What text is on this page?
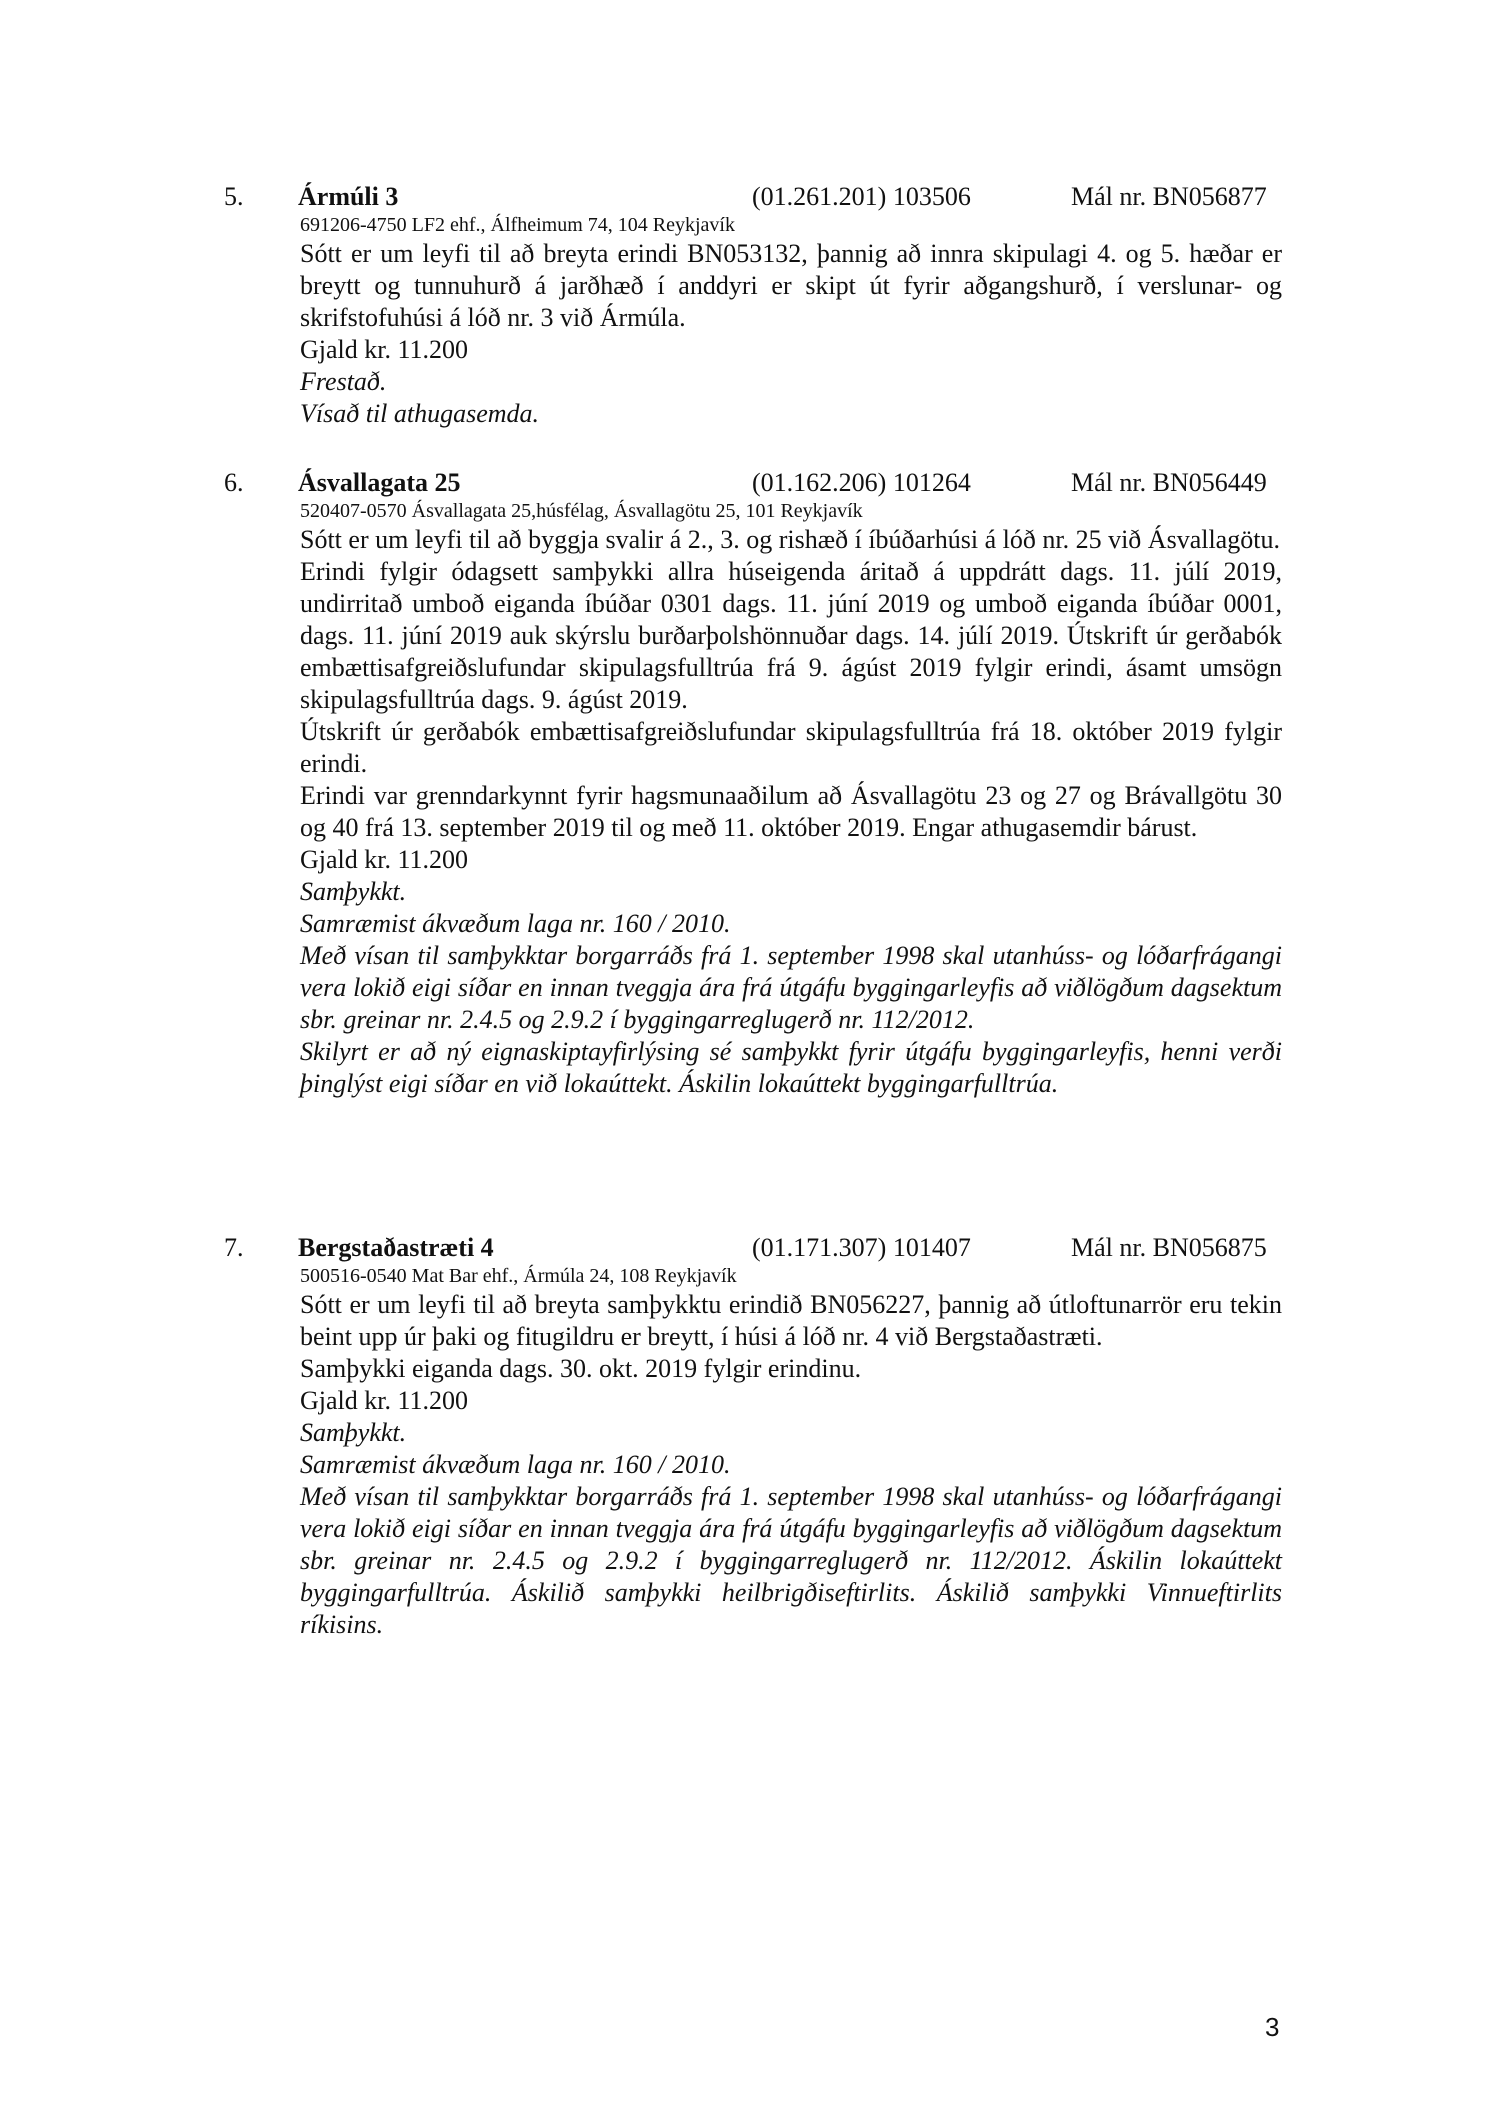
5. Ármúli 3	(01.261.201) 103506	Mál nr. BN056877
691206-4750 LF2 ehf., Álfheimum 74, 104 Reykjavík

Sótt er um leyfi til að breyta erindi BN053132, þannig að innra skipulagi 4. og 5. hæðar er breytt og tunnuhurð á jarðhæð í anddyri er skipt út fyrir aðgangshurð, í verslunar- og skrifstofuhúsi á lóð nr. 3 við Ármúla.

Gjald kr. 11.200

Frestað.

Vísað til athugasemda.

6. Ásvallagata 25	(01.162.206) 101264	Mál nr. BN056449
520407-0570 Ásvallagata 25,húsfélag, Ásvallagötu 25, 101 Reykjavík

Sótt er um leyfi til að byggja svalir á 2., 3. og rishæð í íbúðarhúsi á lóð nr. 25 við Ásvallagötu.

Erindi fylgir ódagsett samþykki allra húseigenda áritað á uppdrátt dags. 11. júlí 2019, undirritað umboð eiganda íbúðar 0301 dags. 11. júní 2019 og umboð eiganda íbúðar 0001, dags. 11. júní 2019 auk skýrslu burðarþolshönnuðar dags. 14. júlí 2019. Útskrift úr gerðabók embættisafgreiðslufundar skipulagsfulltrúa frá 9. ágúst 2019 fylgir erindi, ásamt umsögn skipulagsfulltrúa dags. 9. ágúst 2019.

Útskrift úr gerðabók embættisafgreiðslufundar skipulagsfulltrúa frá 18. október 2019 fylgir erindi.

Erindi var grenndarkynnt fyrir hagsmunaaðilum að Ásvallagötu 23 og 27 og Brávallgötu 30 og 40 frá 13. september 2019 til og með 11. október 2019. Engar athugasemdir bárust.

Gjald kr. 11.200

Samþykkt.

Samræmist ákvæðum laga nr. 160 / 2010.

Með vísan til samþykktar borgarráðs frá 1. september 1998 skal utanhúss- og lóðarfrágangi vera lokið eigi síðar en innan tveggja ára frá útgáfu byggingarleyfis að viðlögðum dagsektum sbr. greinar nr. 2.4.5 og 2.9.2 í byggingarreglugerð nr. 112/2012.

Skilyrt er að ný eignaskiptayfirlýsing sé samþykkt fyrir útgáfu byggingarleyfis, henni verði þinglýst eigi síðar en við lokaúttekt. Áskilin lokaúttekt byggingarfulltrúa.

7. Bergstaðastræti 4	(01.171.307) 101407	Mál nr. BN056875
500516-0540 Mat Bar ehf., Ármúla 24, 108 Reykjavík

Sótt er um leyfi til að breyta samþykktu erindið BN056227, þannig að útloftunarrör eru tekin beint upp úr þaki og fitugildru er breytt, í húsi á lóð nr. 4 við Bergstaðastræti.

Samþykki eiganda dags. 30. okt. 2019 fylgir erindinu.

Gjald kr. 11.200

Samþykkt.

Samræmist ákvæðum laga nr. 160 / 2010.

Með vísan til samþykktar borgarráðs frá 1. september 1998 skal utanhúss- og lóðarfrágangi vera lokið eigi síðar en innan tveggja ára frá útgáfu byggingarleyfis að viðlögðum dagsektum sbr. greinar nr. 2.4.5 og 2.9.2 í byggingarreglugerð nr. 112/2012. Áskilin lokaúttekt byggingarfulltrúa. Áskilið samþykki heilbrigðiseftirlits. Áskilið samþykki Vinnueftirlits ríkisins.

3
